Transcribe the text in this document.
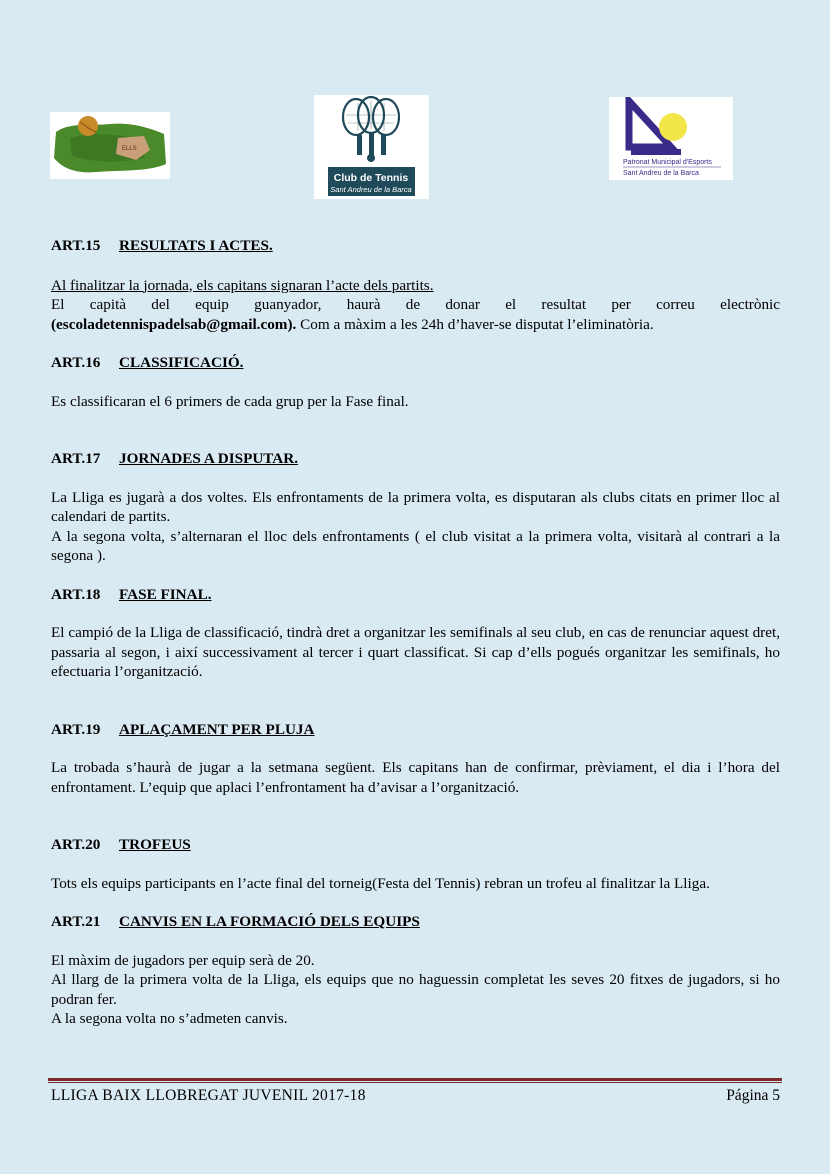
ELLS
Club de Tennis
Sant Andreu de la Barca
Patronat Municipal d'Esports
Sant Andreu de la Barca
ART.15 RESULTATS I ACTES.

Al finalitzar la jornada, els capitans signaran l’acte dels partits.

El capità del equip guanyador, haurà de donar el resultat per correu electrònic

(escoladetennispadelsab@gmail.com). Com a màxim a les 24h d’haver-se disputat l’eliminatòria.

ART.16 CLASSIFICACIÓ.

Es classificaran el 6 primers de cada grup per la Fase final.

ART.17 JORNADES A DISPUTAR.

La Lliga es jugarà a dos voltes. Els enfrontaments de la primera volta, es disputaran als clubs citats en primer lloc al calendari de partits.

A la segona volta, s’alternaran el lloc dels enfrontaments ( el club visitat a la primera volta, visitarà al contrari a la segona ).

ART.18 FASE FINAL.

El campió de la Lliga de classificació, tindrà dret a organitzar les semifinals al seu club, en cas de renunciar aquest dret, passaria al segon, i així successivament al tercer i quart classificat. Si cap d’ells pogués organitzar les semifinals, ho efectuaria l’organització.

ART.19 APLAÇAMENT PER PLUJA

La trobada s’haurà de jugar a la setmana següent. Els capitans han de confirmar, prèviament, el dia i l’hora del enfrontament. L’equip que aplaci l’enfrontament ha d’avisar a l’organització.

ART.20 TROFEUS

Tots els equips participants en l’acte final del torneig(Festa del Tennis) rebran un trofeu al finalitzar la Lliga.

ART.21 CANVIS EN LA FORMACIÓ DELS EQUIPS

El màxim de jugadors per equip serà de 20.

Al llarg de la primera volta de la Lliga, els equips que no haguessin completat les seves 20 fitxes de jugadors, si ho podran fer.

A la segona volta no s’admeten canvis.

LLIGA BAIX LLOBREGAT JUVENIL 2017-18	Página 5
